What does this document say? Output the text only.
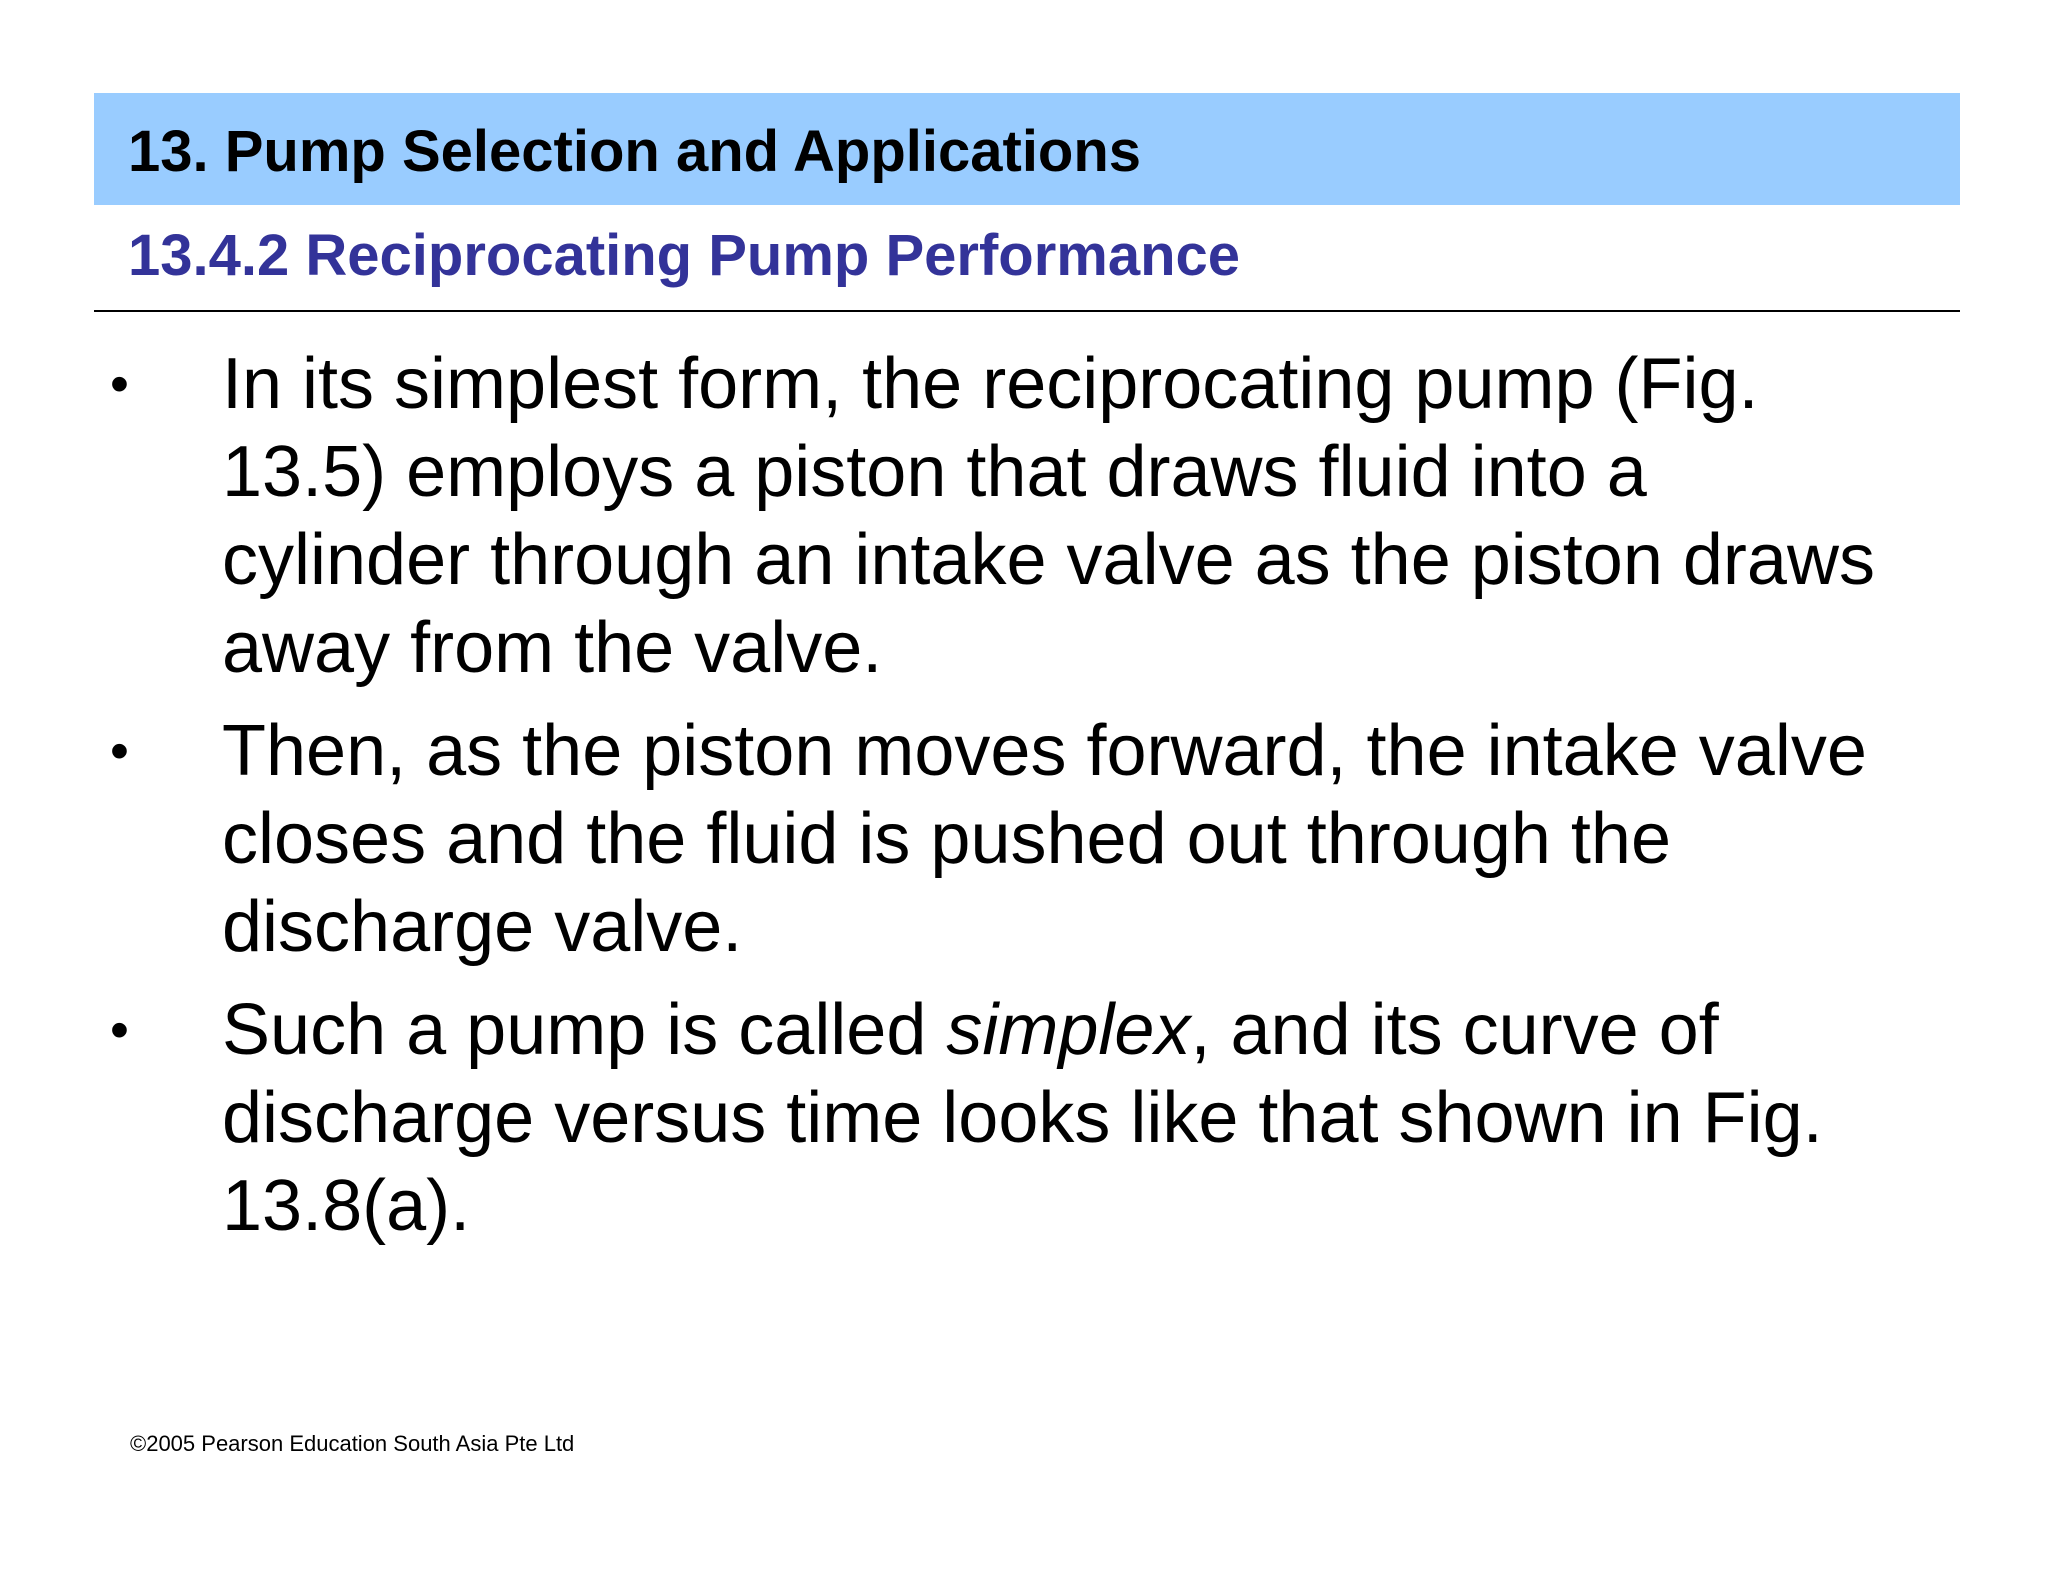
13. Pump Selection and Applications
13.4.2 Reciprocating Pump Performance
• In its simplest form, the reciprocating pump (Fig. 13.5) employs a piston that draws fluid into a cylinder through an intake valve as the piston draws away from the valve.
• Then, as the piston moves forward, the intake valve closes and the fluid is pushed out through the discharge valve.
• Such a pump is called simplex, and its curve of discharge versus time looks like that shown in Fig. 13.8(a).

©2005 Pearson Education South Asia Pte Ltd
